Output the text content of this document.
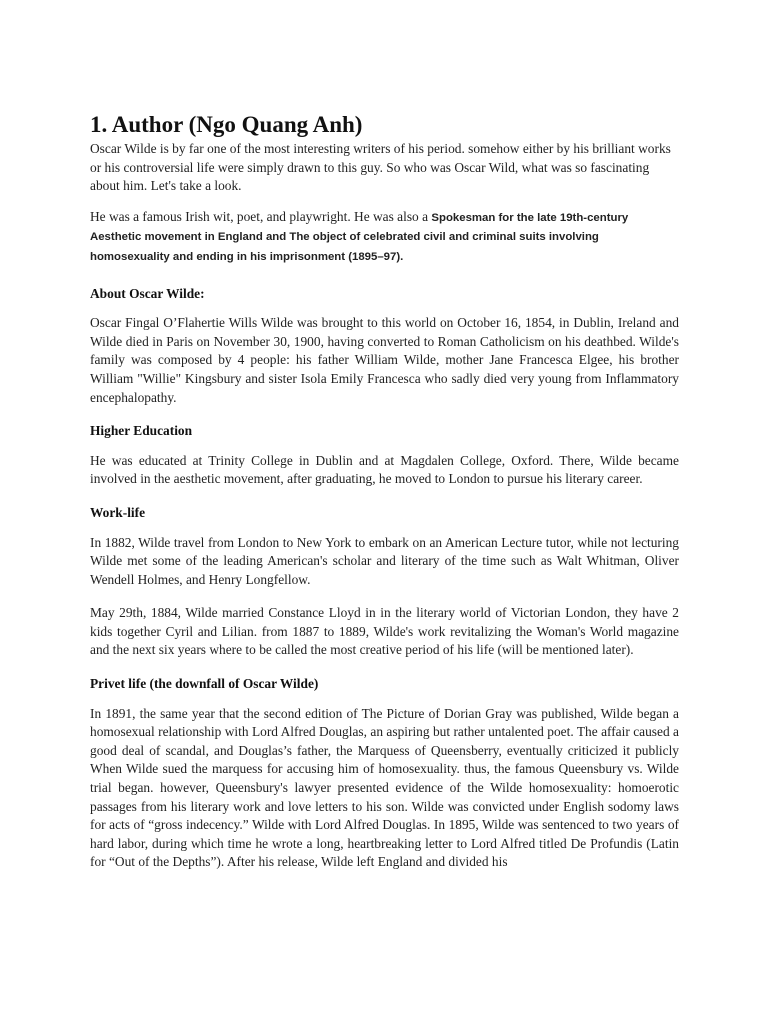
1. Author (Ngo Quang Anh)

Oscar Wilde is by far one of the most interesting writers of his period. somehow either by his brilliant works or his controversial life were simply drawn to this guy. So who was Oscar Wild, what was so fascinating about him. Let's take a look.

He was a famous Irish wit, poet, and playwright. He was also a Spokesman for the late 19th-century Aesthetic movement in England and The object of celebrated civil and criminal suits involving homosexuality and ending in his imprisonment (1895–97).

About Oscar Wilde:

Oscar Fingal O’Flahertie Wills Wilde was brought to this world on October 16, 1854, in Dublin, Ireland and Wilde died in Paris on November 30, 1900, having converted to Roman Catholicism on his deathbed. Wilde's family was composed by 4 people: his father William Wilde, mother Jane Francesca Elgee, his brother William "Willie" Kingsbury and sister Isola Emily Francesca who sadly died very young from Inflammatory encephalopathy.

Higher Education

He was educated at Trinity College in Dublin and at Magdalen College, Oxford. There, Wilde became involved in the aesthetic movement, after graduating, he moved to London to pursue his literary career.

Work-life

In 1882, Wilde travel from London to New York to embark on an American Lecture tutor, while not lecturing Wilde met some of the leading American's scholar and literary of the time such as Walt Whitman, Oliver Wendell Holmes, and Henry Longfellow.

May 29th, 1884, Wilde married Constance Lloyd in in the literary world of Victorian London, they have 2 kids together Cyril and Lilian. from 1887 to 1889, Wilde's work revitalizing the Woman's World magazine and the next six years where to be called the most creative period of his life (will be mentioned later).

Privet life (the downfall of Oscar Wilde)

In 1891, the same year that the second edition of The Picture of Dorian Gray was published, Wilde began a homosexual relationship with Lord Alfred Douglas, an aspiring but rather untalented poet. The affair caused a good deal of scandal, and Douglas’s father, the Marquess of Queensberry, eventually criticized it publicly When Wilde sued the marquess for accusing him of homosexuality. thus, the famous Queensbury vs. Wilde trial began. however, Queensbury's lawyer presented evidence of the Wilde homosexuality: homoerotic passages from his literary work and love letters to his son. Wilde was convicted under English sodomy laws for acts of “gross indecency.” Wilde with Lord Alfred Douglas. In 1895, Wilde was sentenced to two years of hard labor, during which time he wrote a long, heartbreaking letter to Lord Alfred titled De Profundis (Latin for “Out of the Depths”). After his release, Wilde left England and divided his
